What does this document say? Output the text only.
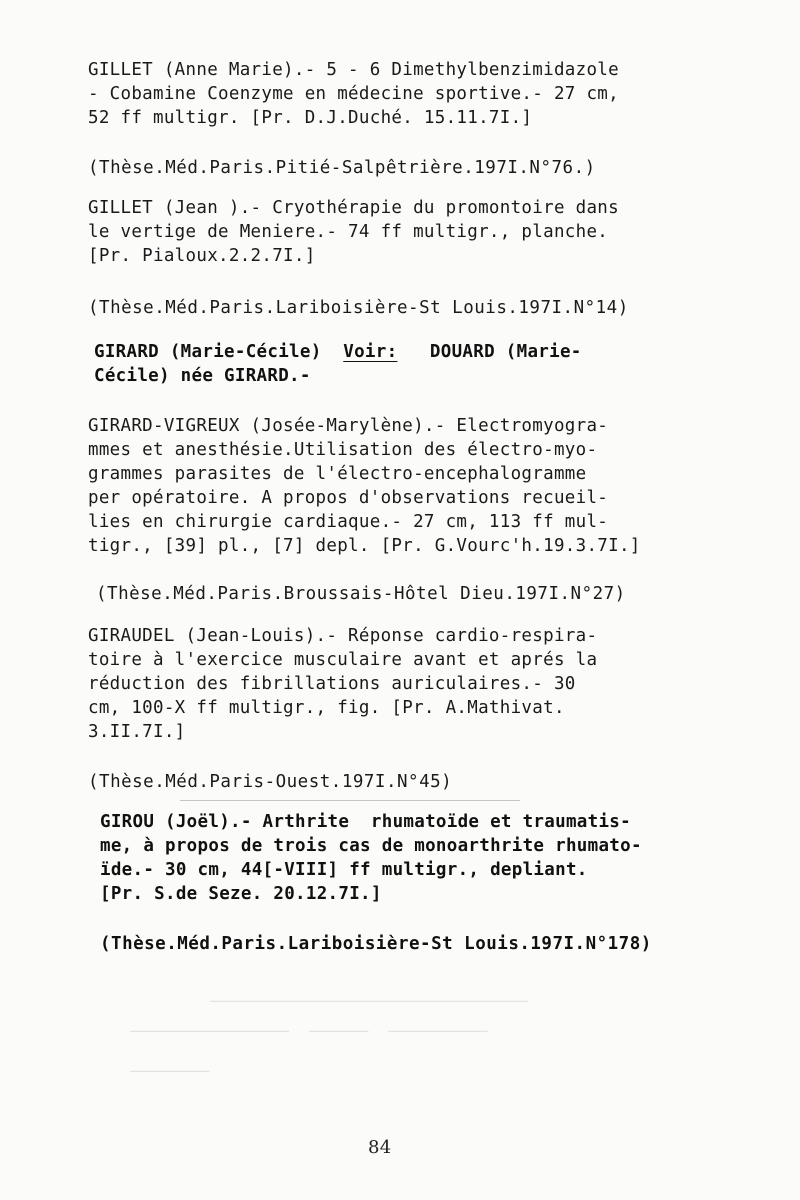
GILLET (Anne Marie).- 5 - 6 Dimethylbenzimidazole
- Cobamine Coenzyme en médecine sportive.- 27 cm,
52 ff multigr. [Pr. D.J.Duché. 15.11.7I.]
(Thèse.Méd.Paris.Pitié-Salpêtrière.197I.N°76.)
GILLET (Jean ).- Cryothérapie du promontoire dans
le vertige de Meniere.- 74 ff multigr., planche.
[Pr. Pialoux.2.2.7I.]
(Thèse.Méd.Paris.Lariboisière-St Louis.197I.N°14)
GIRARD (Marie-Cécile)  Voir:   DOUARD (Marie-
Cécile) née GIRARD.-
GIRARD-VIGREUX (Josée-Marylène).- Electromyogra-
mmes et anesthésie.Utilisation des électro-myo-
grammes parasites de l'électro-encephalogramme
per opératoire. A propos d'observations recueil-
lies en chirurgie cardiaque.- 27 cm, 113 ff mul-
tigr., [39] pl., [7] depl. [Pr. G.Vourc'h.19.3.7I.]
(Thèse.Méd.Paris.Broussais-Hôtel Dieu.197I.N°27)
GIRAUDEL (Jean-Louis).- Réponse cardio-respira-
toire à l'exercice musculaire avant et aprés la
réduction des fibrillations auriculaires.- 30
cm, 100-X ff multigr., fig. [Pr. A.Mathivat.
3.II.7I.]
(Thèse.Méd.Paris-Ouest.197I.N°45)
GIROU (Joël).- Arthrite  rhumatoïde et traumatis-
me, à propos de trois cas de monoarthrite rhumato-
ïde.- 30 cm, 44[-VIII] ff multigr., depliant.
[Pr. S.de Seze. 20.12.7I.]
(Thèse.Méd.Paris.Lariboisière-St Louis.197I.N°178)
────────────────────────────────
──────────  ──────  ────────────────
────────
84
